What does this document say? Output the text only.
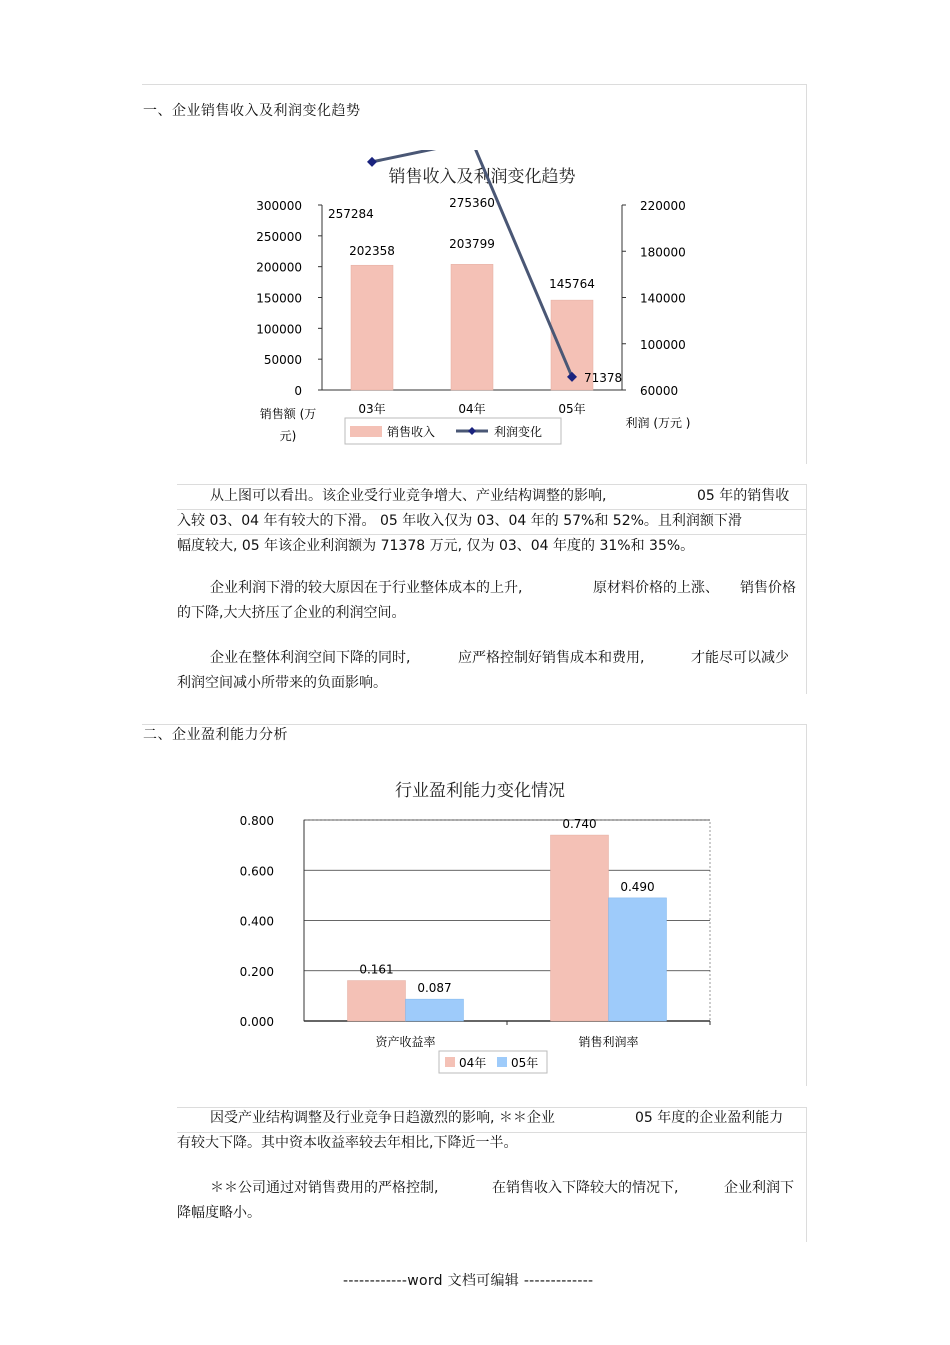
一、企业销售收入及利润变化趋势
销售收入及利润变化趋势
0
50000
100000
150000
200000
250000
300000
60000
100000
140000
180000
220000
03年	04年	05年
257284
202358
275360
203799
145764
71378
销售额 (万
元)
利润 (万元 )
销售收入	利润变化
从上图可以看出。该企业受行业竞争增大、产业结构调整的影响,	05 年的销售收
入较 03、04 年有较大的下滑。 05 年收入仅为 03、04 年的 57%和 52%。且利润额下滑
幅度较大, 05 年该企业利润额为 71378 万元, 仅为 03、04 年度的 31%和 35%。
企业利润下滑的较大原因在于行业整体成本的上升,	原材料价格的上涨、 销售价格
的下降,大大挤压了企业的利润空间。
企业在整体利润空间下降的同时,	应严格控制好销售成本和费用,	才能尽可以减少
利润空间减小所带来的负面影响。
二、企业盈利能力分析
行业盈利能力变化情况
0.000
0.200
0.400
0.600
0.800
0.161
0.087
资产收益率
0.740
0.490
销售利润率
04年 05年
因受产业结构调整及行业竞争日趋激烈的影响, ＊＊企业	05 年度的企业盈利能力
有较大下降。其中资本收益率较去年相比,下降近一半。
＊＊公司通过对销售费用的严格控制,	在销售收入下降较大的情况下,	企业利润下
降幅度略小。
------------word 文档可编辑 -------------
